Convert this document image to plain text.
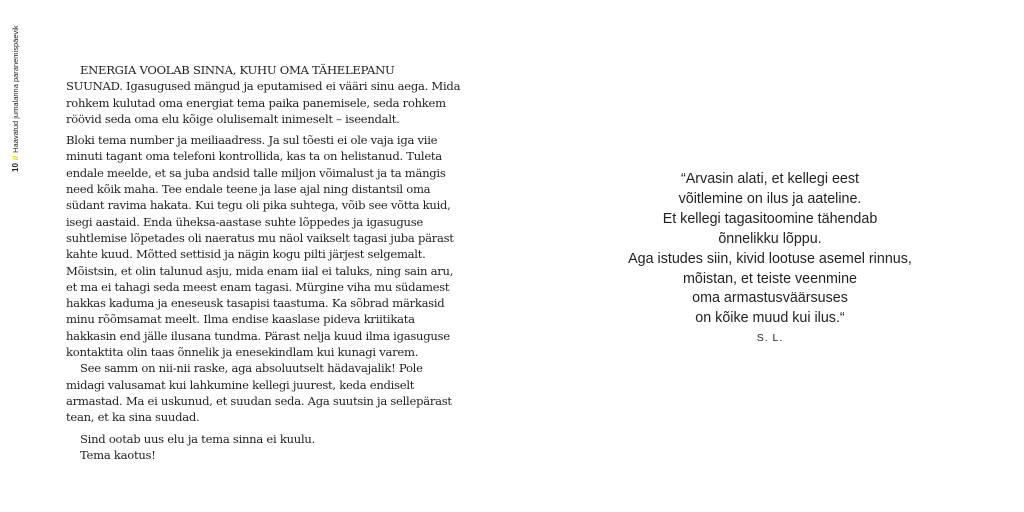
10//Haavatud jumalanna paranemispäevik	ENERGIA VOOLAB SINNA, KUHU OMA TÄHELEPANU
SUUNAD. Igasugused mängud ja eputamised ei vääri sinu aega. Mida
rohkem kulutad oma energiat tema paika panemisele, seda rohkem
röövid seda oma elu kõige olulisemalt inimeselt – iseendalt.
Bloki tema number ja meiliaadress. Ja sul tõesti ei ole vaja iga viie
minuti tagant oma telefoni kontrollida, kas ta on helistanud. Tuleta
endale meelde, et sa juba andsid talle miljon võimalust ja ta mängis
need kõik maha. Tee endale teene ja lase ajal ning distantsil oma
südant ravima hakata. Kui tegu oli pika suhtega, võib see võtta kuid,
isegi aastaid. Enda üheksa-aastase suhte lõppedes ja igasuguse
suhtlemise lõpetades oli naeratus mu näol vaikselt tagasi juba pärast
kahte kuud. Mõtted settisid ja nägin kogu pilti järjest selgemalt.
Mõistsin, et olin talunud asju, mida enam iial ei taluks, ning sain aru,
et ma ei tahagi seda meest enam tagasi. Mürgine viha mu südamest
hakkas kaduma ja eneseusk tasapisi taastuma. Ka sõbrad märkasid
minu rõõmsamat meelt. Ilma endise kaaslase pideva kriitikata
hakkasin end jälle ilusana tundma. Pärast nelja kuud ilma igasuguse
kontaktita olin taas õnnelik ja enesekindlam kui kunagi varem.
See samm on nii-nii raske, aga absoluutselt hädavajalik! Pole
midagi valusamat kui lahkumine kellegi juurest, keda endiselt
armastad. Ma ei uskunud, et suudan seda. Aga suutsin ja sellepärast
tean, et ka sina suudad.
Sind ootab uus elu ja tema sinna ei kuulu.
Tema kaotus!
“Arvasin alati, et kellegi eest
võitlemine on ilus ja aateline.
Et kellegi tagasitoomine tähendab
õnnelikku lõppu.
Aga istudes siin, kivid lootuse asemel rinnus,
mõistan, et teiste veenmine
oma armastusväärsuses
on kõike muud kui ilus.“
S. L.
